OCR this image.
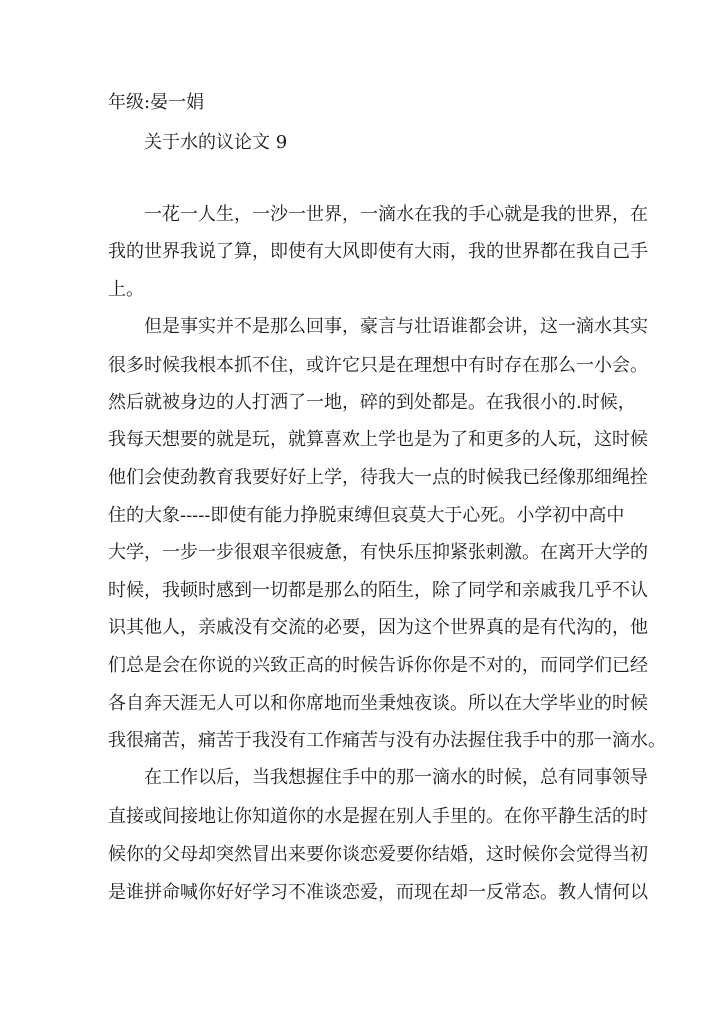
年级:晏一娟
关于水的议论文 9
一花一人生，一沙一世界，一滴水在我的手心就是我的世界，在
我的世界我说了算，即使有大风即使有大雨，我的世界都在我自己手
上。
但是事实并不是那么回事，豪言与壮语谁都会讲，这一滴水其实
很多时候我根本抓不住，或许它只是在理想中有时存在那么一小会。
然后就被身边的人打洒了一地，碎的到处都是。在我很小的.时候，
我每天想要的就是玩，就算喜欢上学也是为了和更多的人玩，这时候
他们会使劲教育我要好好上学，待我大一点的时候我已经像那细绳拴
住的大象-----即使有能力挣脱束缚但哀莫大于心死。小学初中高中
大学，一步一步很艰辛很疲惫，有快乐压抑紧张刺激。在离开大学的
时候，我顿时感到一切都是那么的陌生，除了同学和亲戚我几乎不认
识其他人，亲戚没有交流的必要，因为这个世界真的是有代沟的，他
们总是会在你说的兴致正高的时候告诉你你是不对的，而同学们已经
各自奔天涯无人可以和你席地而坐秉烛夜谈。所以在大学毕业的时候
我很痛苦，痛苦于我没有工作痛苦与没有办法握住我手中的那一滴水。
在工作以后，当我想握住手中的那一滴水的时候，总有同事领导
直接或间接地让你知道你的水是握在别人手里的。在你平静生活的时
候你的父母却突然冒出来要你谈恋爱要你结婚，这时候你会觉得当初
是谁拼命喊你好好学习不准谈恋爱，而现在却一反常态。教人情何以
